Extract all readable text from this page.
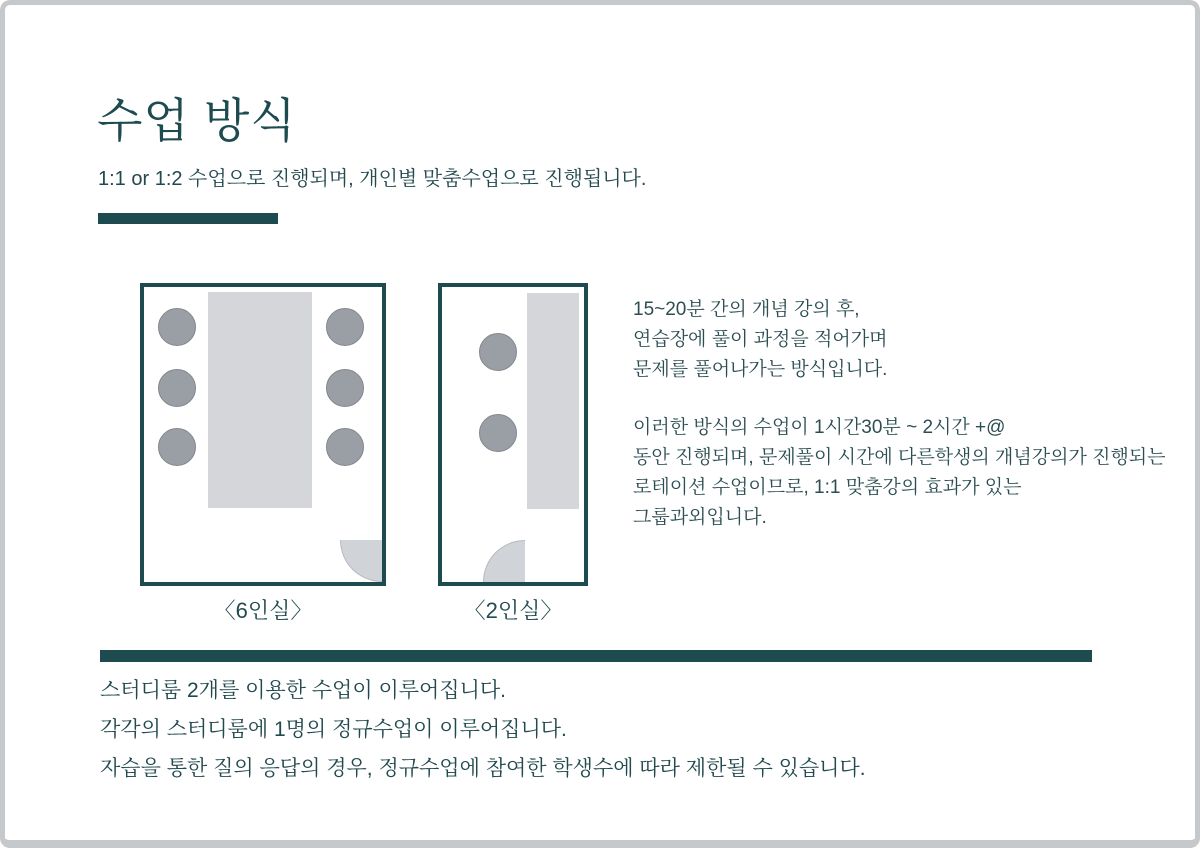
수업 방식

1:1 or 1:2 수업으로 진행되며, 개인별 맞춤수업으로 진행됩니다.

〈6인실〉	〈2인실〉

15~20분 간의 개념 강의 후,
연습장에 풀이 과정을 적어가며
문제를 풀어나가는 방식입니다.

이러한 방식의 수업이 1시간30분 ~ 2시간 +@
동안 진행되며, 문제풀이 시간에 다른학생의 개념강의가 진행되는
로테이션 수업이므로, 1:1 맞춤강의 효과가 있는
그룹과외입니다.

스터디룸 2개를 이용한 수업이 이루어집니다.
각각의 스터디룸에 1명의 정규수업이 이루어집니다.
자습을 통한 질의 응답의 경우, 정규수업에 참여한 학생수에 따라 제한될 수 있습니다.
